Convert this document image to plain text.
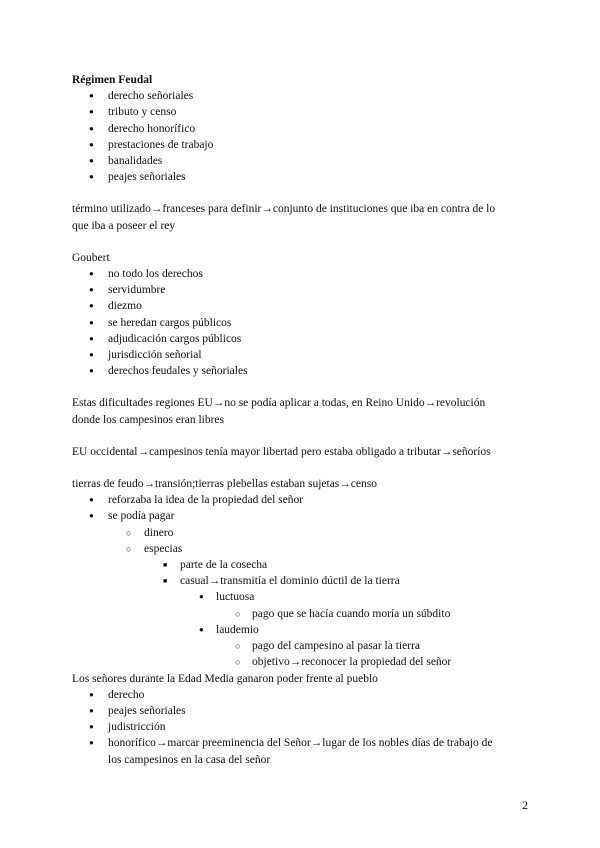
Régimen Feudal

● derecho señoriales
● tributo y censo
● derecho honorífico
● prestaciones de trabajo
● banalidades
● peajes señoriales

término utilizado→franceses para definir→conjunto de instituciones que iba en contra de lo

que iba a poseer el rey

Goubert

● no todo los derechos
● servidumbre
● diezmo
● se heredan cargos públicos
● adjudicación cargos públicos
● jurisdicción señorial
● derechos feudales y señoriales

Estas dificultades regiones EU→no se podía aplicar a todas, en Reino Unido→revolución

donde los campesinos eran libres

EU occidental→campesinos tenía mayor libertad pero estaba obligado a tributar→señoríos

tierras de feudo→transión;tierras plebellas estaban sujetas→censo

● reforzaba la idea de la propiedad del señor
● se podía pagar
○ dinero
○ especias
■ parte de la cosecha
■ casual→transmitía el dominio dúctil de la tierra
● luctuosa
○ pago que se hacía cuando moría un súbdito
● laudemio
○ pago del campesino al pasar la tierra
○ objetivo→reconocer la propiedad del señor

Los señores durante la Edad Media ganaron poder frente al pueblo

● derecho
● peajes señoriales
● judistricción
● honorífico→marcar preeminencia del Señor→lugar de los nobles días de trabajo de
los campesinos en la casa del señor
2
